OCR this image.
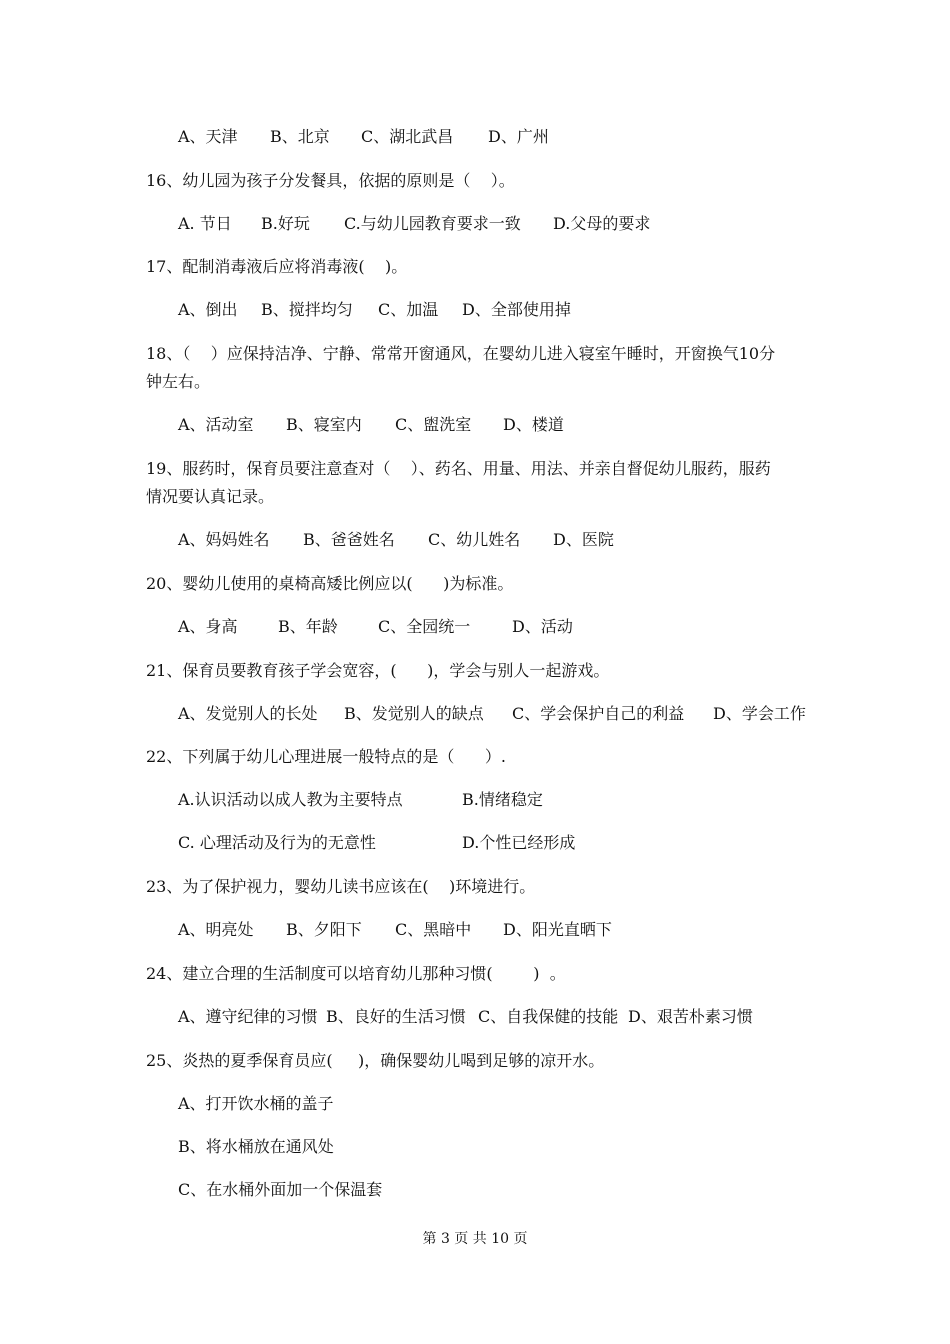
A、天津 B、北京 C、湖北武昌 D、广州
16、幼儿园为孩子分发餐具，依据的原则是（    ）。
A. 节日 B.好玩 C.与幼儿园教育要求一致 D.父母的要求
17、配制消毒液后应将消毒液(    )。
A、倒出 B、搅拌均匀 C、加温 D、全部使用掉
18、（    ）应保持洁净、宁静、常常开窗通风，在婴幼儿进入寝室午睡时，开窗换气10分
钟左右。
A、活动室 B、寝室内 C、盥洗室 D、楼道
19、服药时，保育员要注意查对（    ）、药名、用量、用法、并亲自督促幼儿服药，服药
情况要认真记录。
A、妈妈姓名 B、爸爸姓名 C、幼儿姓名 D、医院
20、婴幼儿使用的桌椅高矮比例应以(      )为标准。
A、身高	B、年龄	C、全园统一	D、活动
21、保育员要教育孩子学会宽容，(      )，学会与别人一起游戏。
A、发觉别人的长处 B、发觉别人的缺点 C、学会保护自己的利益 D、学会工作
22、下列属于幼儿心理进展一般特点的是（      ）.
A.认识活动以成人教为主要特点	B.情绪稳定
C. 心理活动及行为的无意性	D.个性已经形成
23、为了保护视力，婴幼儿读书应该在(    )环境进行。
A、明亮处 B、夕阳下 C、黑暗中 D、阳光直晒下
24、建立合理的生活制度可以培育幼儿那种习惯(        )  。
A、遵守纪律的习惯 B、良好的生活习惯 C、自我保健的技能 D、艰苦朴素习惯
25、炎热的夏季保育员应(     )，确保婴幼儿喝到足够的凉开水。
A、打开饮水桶的盖子
B、将水桶放在通风处
C、在水桶外面加一个保温套
第 3 页 共 10 页
